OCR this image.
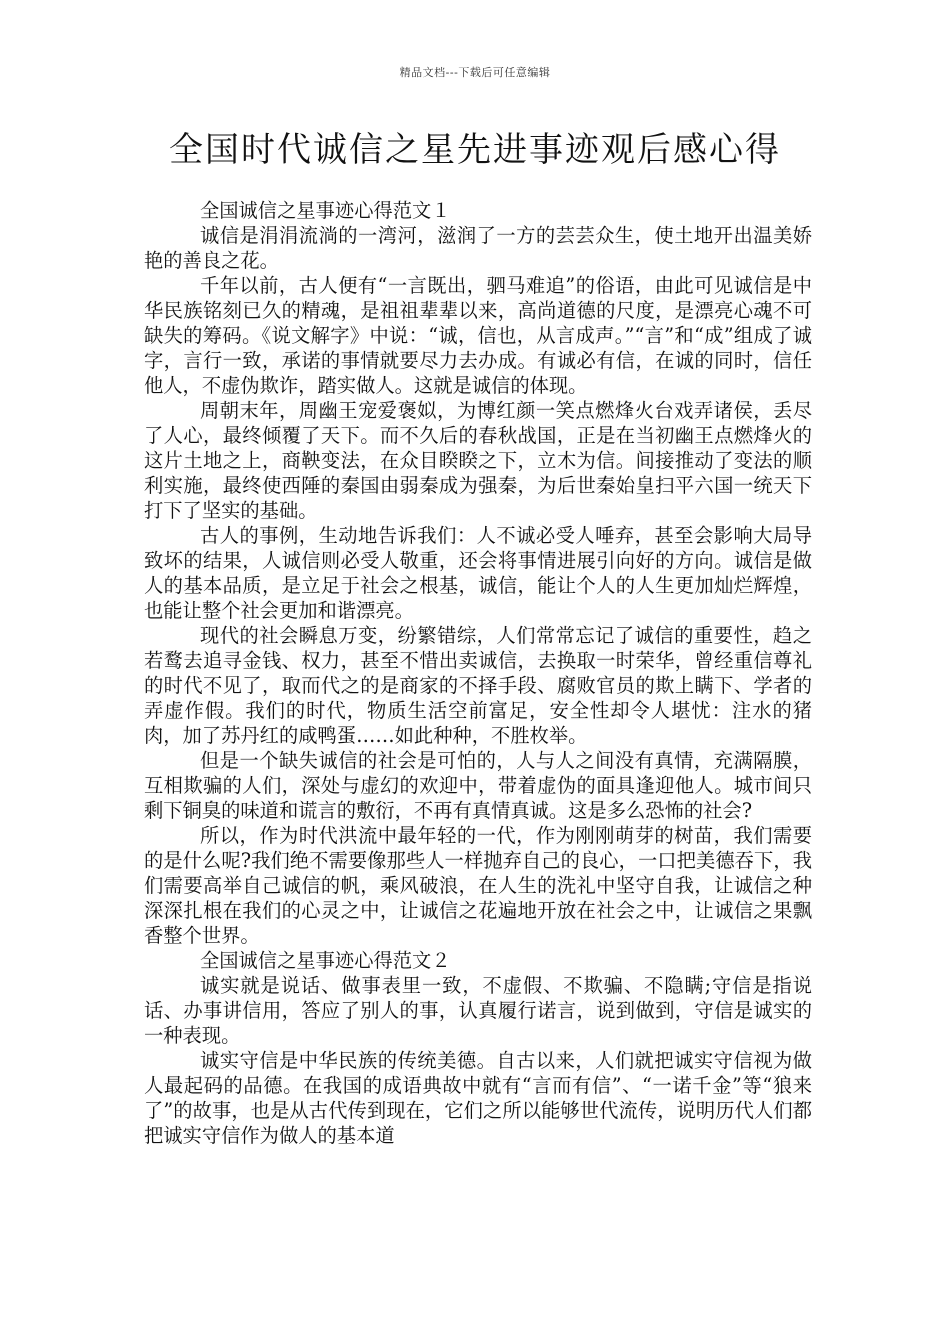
精品文档---下载后可任意编辑
全国时代诚信之星先进事迹观后感心得

全国诚信之星事迹心得范文１

诚信是涓涓流淌的一湾河，滋润了一方的芸芸众生，使土地开出温美娇艳的善良之花。

千年以前，古人便有“一言既出，驷马难追”的俗语，由此可见诚信是中华民族铭刻已久的精魂，是祖祖辈辈以来，高尚道德的尺度，是漂亮心魂不可缺失的筹码。《说文解字》中说：“诚，信也，从言成声。”“言”和“成”组成了诚字，言行一致，承诺的事情就要尽力去办成。有诚必有信，在诚的同时，信任他人，不虚伪欺诈，踏实做人。这就是诚信的体现。

周朝末年，周幽王宠爱褒姒，为博红颜一笑点燃烽火台戏弄诸侯，丢尽了人心，最终倾覆了天下。而不久后的春秋战国，正是在当初幽王点燃烽火的这片土地之上，商鞅变法，在众目睽睽之下，立木为信。间接推动了变法的顺利实施，最终使西陲的秦国由弱秦成为强秦，为后世秦始皇扫平六国一统天下打下了坚实的基础。

古人的事例，生动地告诉我们：人不诚必受人唾弃，甚至会影响大局导致坏的结果，人诚信则必受人敬重，还会将事情进展引向好的方向。诚信是做人的基本品质，是立足于社会之根基，诚信，能让个人的人生更加灿烂辉煌，也能让整个社会更加和谐漂亮。

现代的社会瞬息万变，纷繁错综，人们常常忘记了诚信的重要性，趋之若鹜去追寻金钱、权力，甚至不惜出卖诚信，去换取一时荣华，曾经重信尊礼的时代不见了，取而代之的是商家的不择手段、腐败官员的欺上瞒下、学者的弄虚作假。我们的时代，物质生活空前富足，安全性却令人堪忧：注水的猪肉，加了苏丹红的咸鸭蛋……如此种种，不胜枚举。

但是一个缺失诚信的社会是可怕的，人与人之间没有真情，充满隔膜，互相欺骗的人们，深处与虚幻的欢迎中，带着虚伪的面具逢迎他人。城市间只剩下铜臭的味道和谎言的敷衍，不再有真情真诚。这是多么恐怖的社会?

所以，作为时代洪流中最年轻的一代，作为刚刚萌芽的树苗，我们需要的是什么呢?我们绝不需要像那些人一样抛弃自己的良心，一口把美德吞下，我们需要高举自己诚信的帆，乘风破浪，在人生的洗礼中坚守自我，让诚信之种深深扎根在我们的心灵之中，让诚信之花遍地开放在社会之中，让诚信之果飘香整个世界。

全国诚信之星事迹心得范文２

诚实就是说话、做事表里一致，不虚假、不欺骗、不隐瞒;守信是指说话、办事讲信用，答应了别人的事，认真履行诺言，说到做到，守信是诚实的一种表现。

诚实守信是中华民族的传统美德。自古以来，人们就把诚实守信视为做人最起码的品德。在我国的成语典故中就有“言而有信”、“一诺千金”等“狼来了”的故事，也是从古代传到现在，它们之所以能够世代流传，说明历代人们都把诚实守信作为做人的基本道
